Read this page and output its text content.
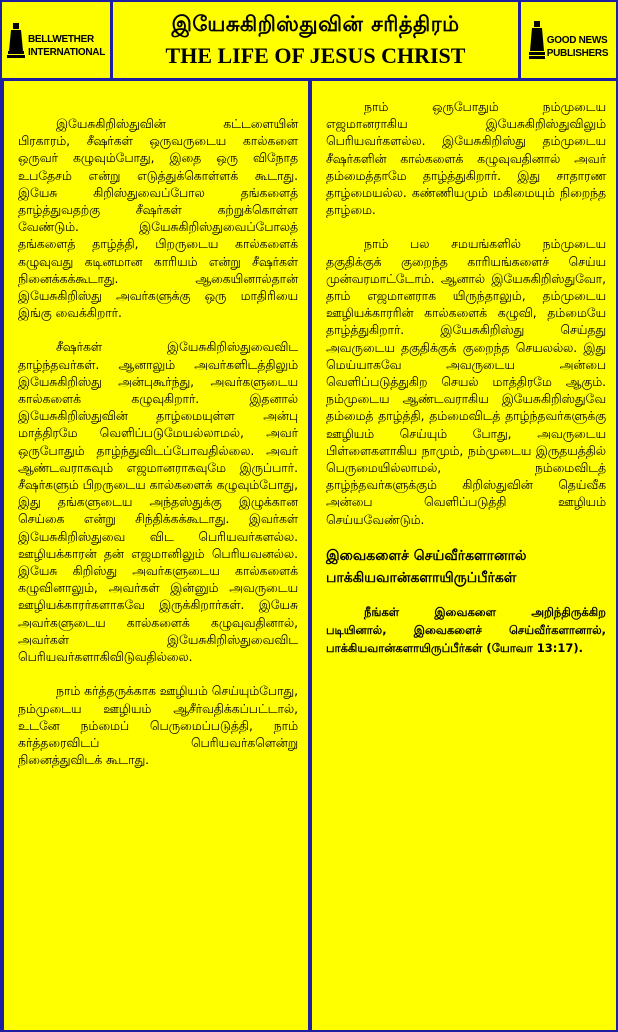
BELLWETHER
INTERNATIONAL
இயேசுகிறிஸ்துவின் சரித்திரம்
THE LIFE OF JESUS CHRIST
GOOD NEWS
PUBLISHERS

இயேசுகிறிஸ்துவின் கட்டளையின் பிரகாரம், சீஷர்கள் ஒருவருடைய கால்களை ஒருவர் கழுவும்போது, இதை ஒரு விநோத உபதேசம் என்று எடுத்துக்கொள்ளக் கூடாது. இயேசு கிறிஸ்துவைப்போல தங்களைத் தாழ்த்துவதற்கு சீஷர்கள் கற்றுக்கொள்ள வேண்டும். இயேசுகிறிஸ்துவைப்போலத் தங்களைத் தாழ்த்தி, பிறருடைய கால்களைக் கழுவுவது கடினமான காரியம் என்று சீஷர்கள் நினைக்கக்கூடாது. ஆகையினால்தான் இயேசுகிறிஸ்து அவர்களுக்கு ஒரு மாதிரியை இங்கு வைக்கிறார்.

சீஷர்கள் இயேசுகிறிஸ்துவைவிட தாழ்ந்தவர்கள். ஆனாலும் அவர்களிடத்திலும் இயேசுகிறிஸ்து அன்புகூர்ந்து, அவர்களுடைய கால்களைக் கழுவுகிறார். இதனால் இயேசுகிறிஸ்துவின் தாழ்மையுள்ள அன்பு மாத்திரமே வெளிப்படுமேயல்லாமல், அவர் ஒருபோதும் தாழ்ந்துவிடப்போவதில்லை. அவர் ஆண்டவராகவும் எஜமானராகவுமே இருப்பார். சீஷர்களும் பிறருடைய கால்களைக் கழுவும்போது, இது தங்களுடைய அந்தஸ்துக்கு இழுக்கான செய்கை என்று சிந்திக்கக்கூடாது. இவர்கள் இயேசுகிறிஸ்துவை விட பெரியவர்களல்ல. ஊழியக்காரன் தன் எஜமானிலும் பெரியவனல்ல. இயேசு கிறிஸ்து அவர்களுடைய கால்களைக் கழுவினாலும், அவர்கள் இன்னும் அவருடைய ஊழியக்காரர்களாகவே இருக்கிறார்கள். இயேசு அவர்களுடைய கால்களைக் கழுவுவதினால், அவர்கள் இயேசுகிறிஸ்துவைவிட பெரியவர்களாகிவிடுவதில்லை.

நாம் கர்த்தருக்காக ஊழியம் செய்யும்போது, நம்முடைய ஊழியம் ஆசீர்வதிக்கப்பட்டால், உடனே நம்மைப் பெருமைப்படுத்தி, நாம் கர்த்தரைவிடப் பெரியவர்களென்று நினைத்துவிடக் கூடாது.

நாம் ஒருபோதும் நம்முடைய எஜமானராகிய இயேசுகிறிஸ்துவிலும் பெரியவர்களல்ல. இயேசுகிறிஸ்து தம்முடைய சீஷர்களின் கால்களைக் கழுவுவதினால் அவர் தம்மைத்தாமே தாழ்த்துகிறார். இது சாதாரண தாழ்மையல்ல. கண்ணியமும் மகிமையும் நிறைந்த தாழ்மை.

நாம் பல சமயங்களில் நம்முடைய தகுதிக்குக் குறைந்த காரியங்களைச் செய்ய முன்வரமாட்டோம். ஆனால் இயேசுகிறிஸ்துவோ, தாம் எஜமானராக யிருந்தாலும், தம்முடைய ஊழியக்காரரின் கால்களைக் கழுவி, தம்மையே தாழ்த்துகிறார். இயேசுகிறிஸ்து செய்தது அவருடைய தகுதிக்குக் குறைந்த செயலல்ல. இது மெய்யாகவே அவருடைய அன்பை வெளிப்படுத்துகிற செயல் மாத்திரமே ஆகும். நம்முடைய ஆண்டவராகிய இயேசுகிறிஸ்துவே தம்மைத் தாழ்த்தி, தம்மைவிடத் தாழ்ந்தவர்களுக்கு ஊழியம் செய்யும் போது, அவருடைய பிள்ளைகளாகிய நாமும், நம்முடைய இருதயத்தில் பெருமையில்லாமல், நம்மைவிடத் தாழ்ந்தவர்களுக்கும் கிறிஸ்துவின் தெய்வீக அன்பை வெளிப்படுத்தி ஊழியம் செய்யவேண்டும்.

இவைகளைச் செய்வீர்களானால் பாக்கியவான்களாயிருப்பீர்கள்

நீங்கள் இவைகளை அறிந்திருக்கிற படியினால், இவைகளைச் செய்வீர்களானால், பாக்கியவான்களாயிருப்பீர்கள் (யோவா 13:17).
